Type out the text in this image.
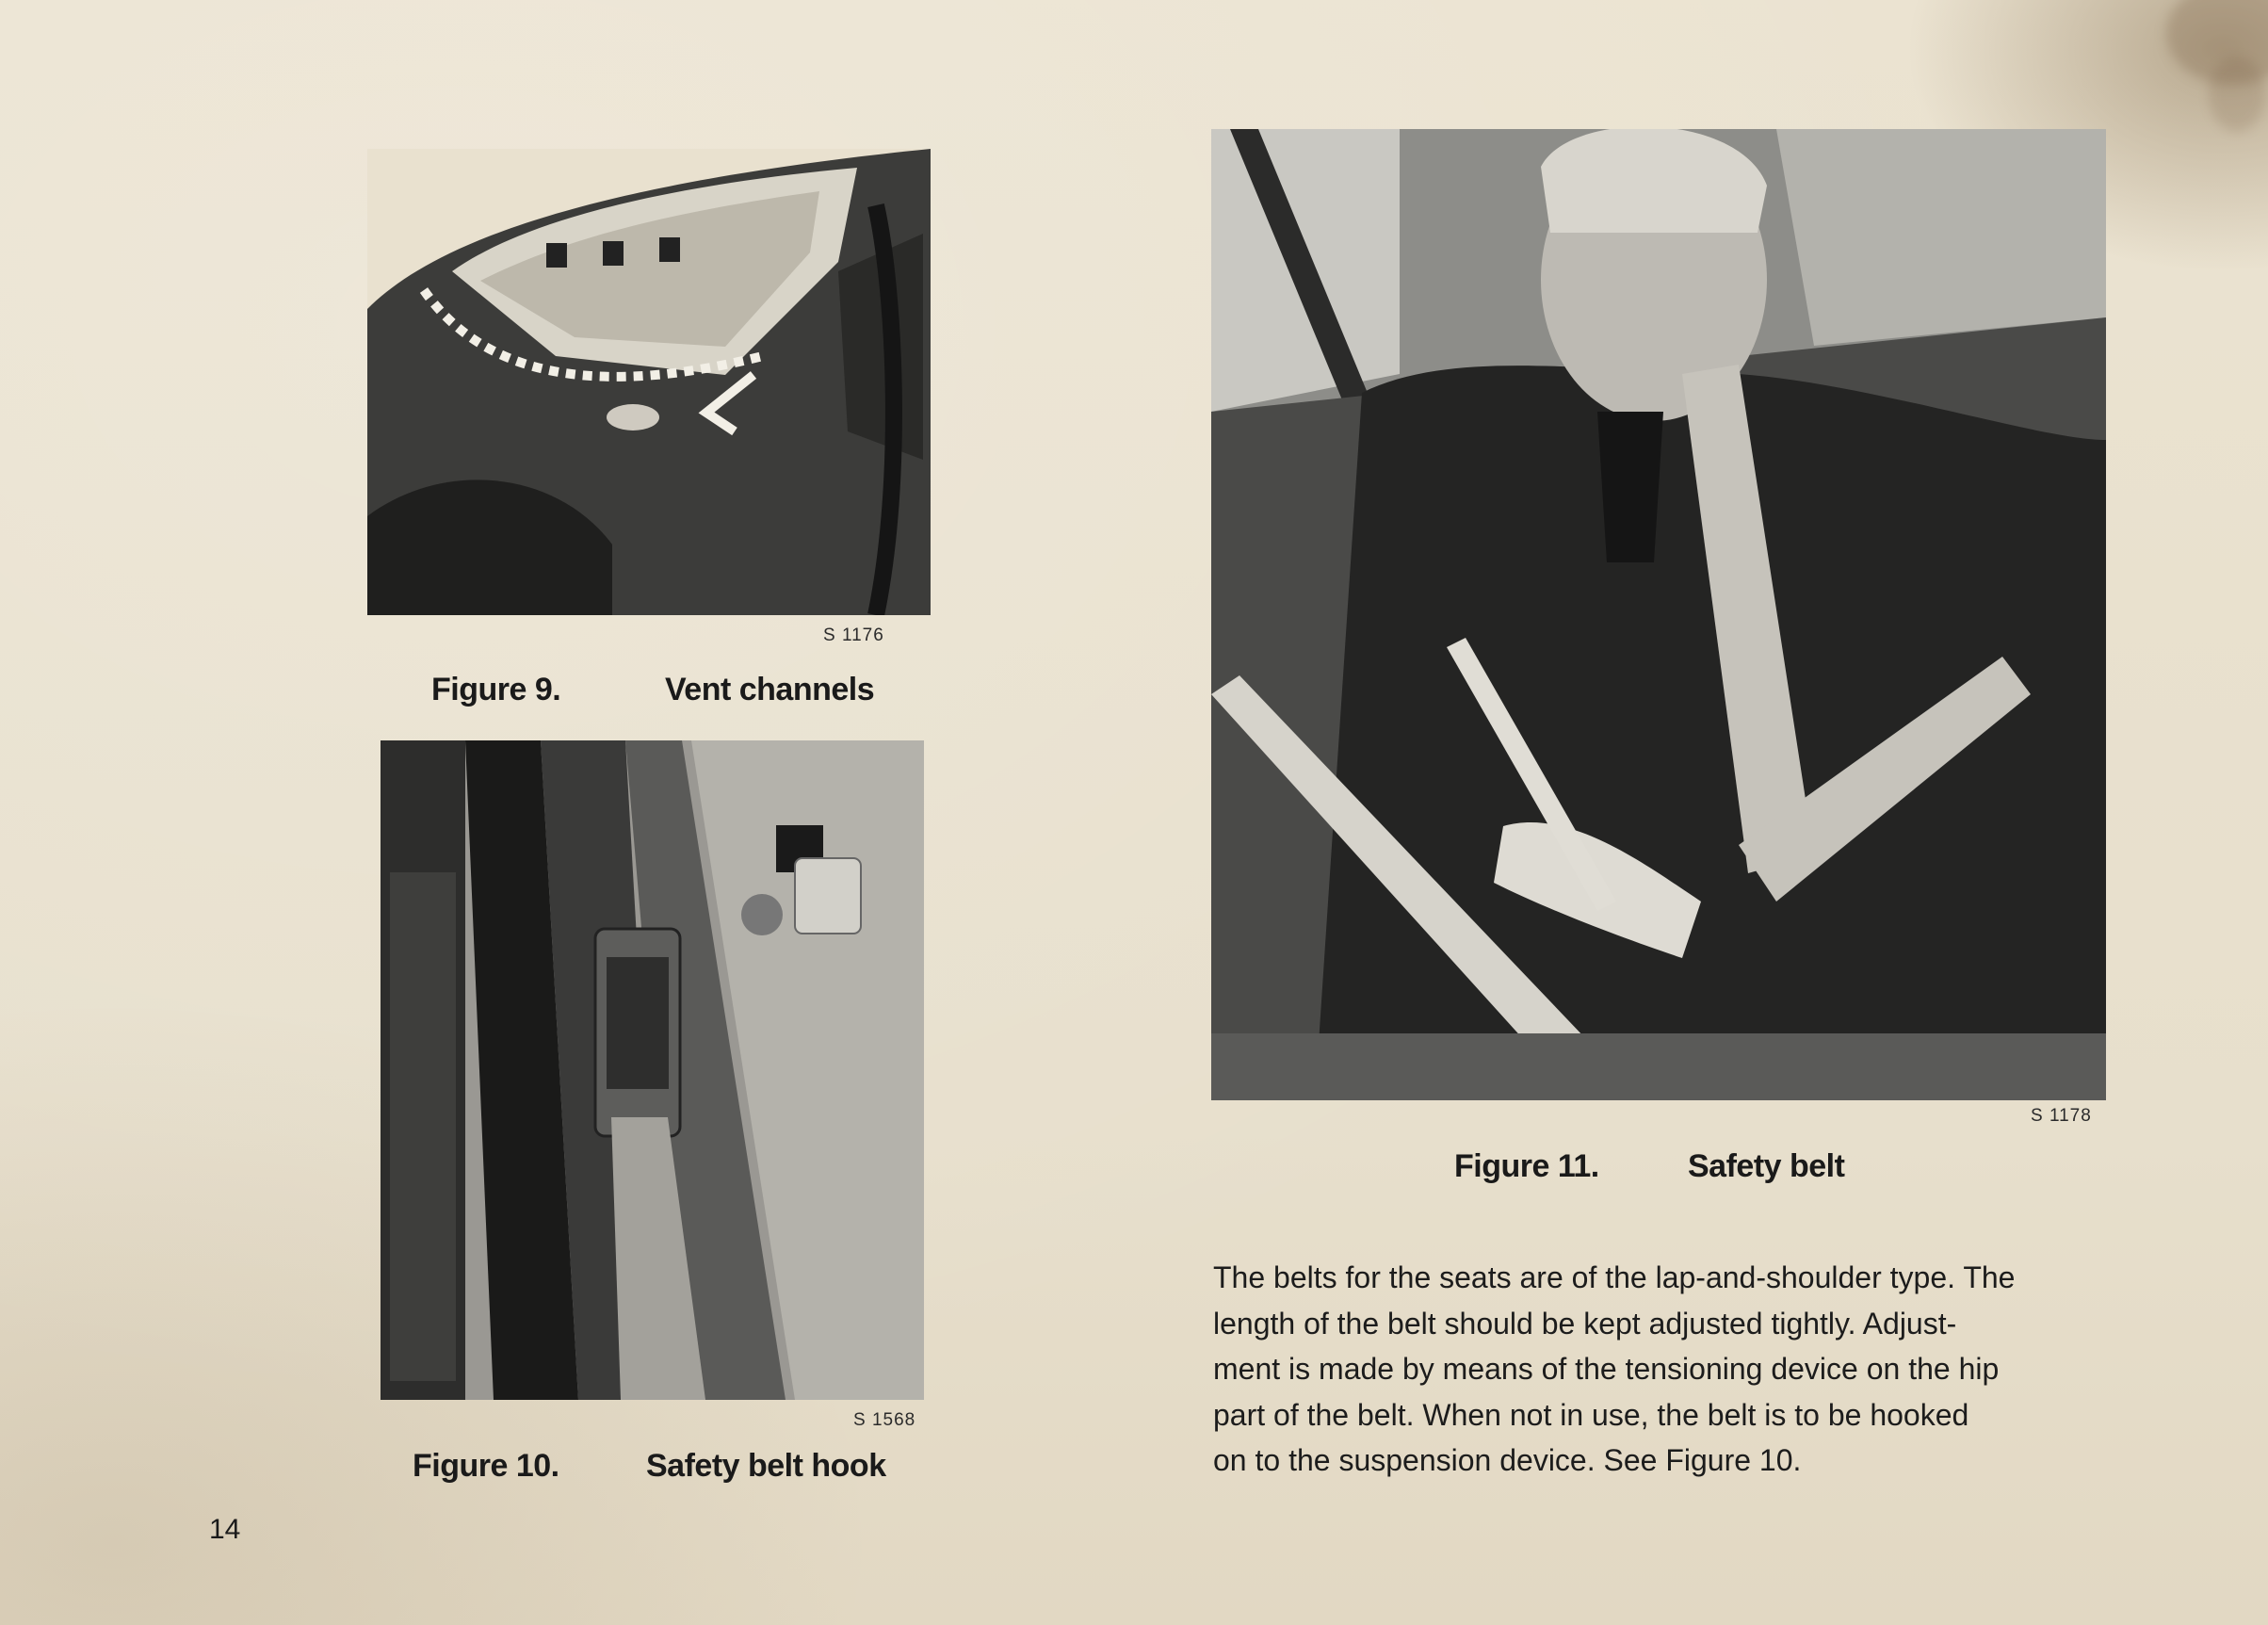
S 1176
Figure 9.	Vent channels
S 1568
Figure 10.	Safety belt hook
S 1178
Figure 11.	Safety belt
The belts for the seats are of the lap-and-shoulder type. The
length of the belt should be kept adjusted tightly. Adjust-
ment is made by means of the tensioning device on the hip
part of the belt. When not in use, the belt is to be hooked
on to the suspension device. See Figure 10.
14
